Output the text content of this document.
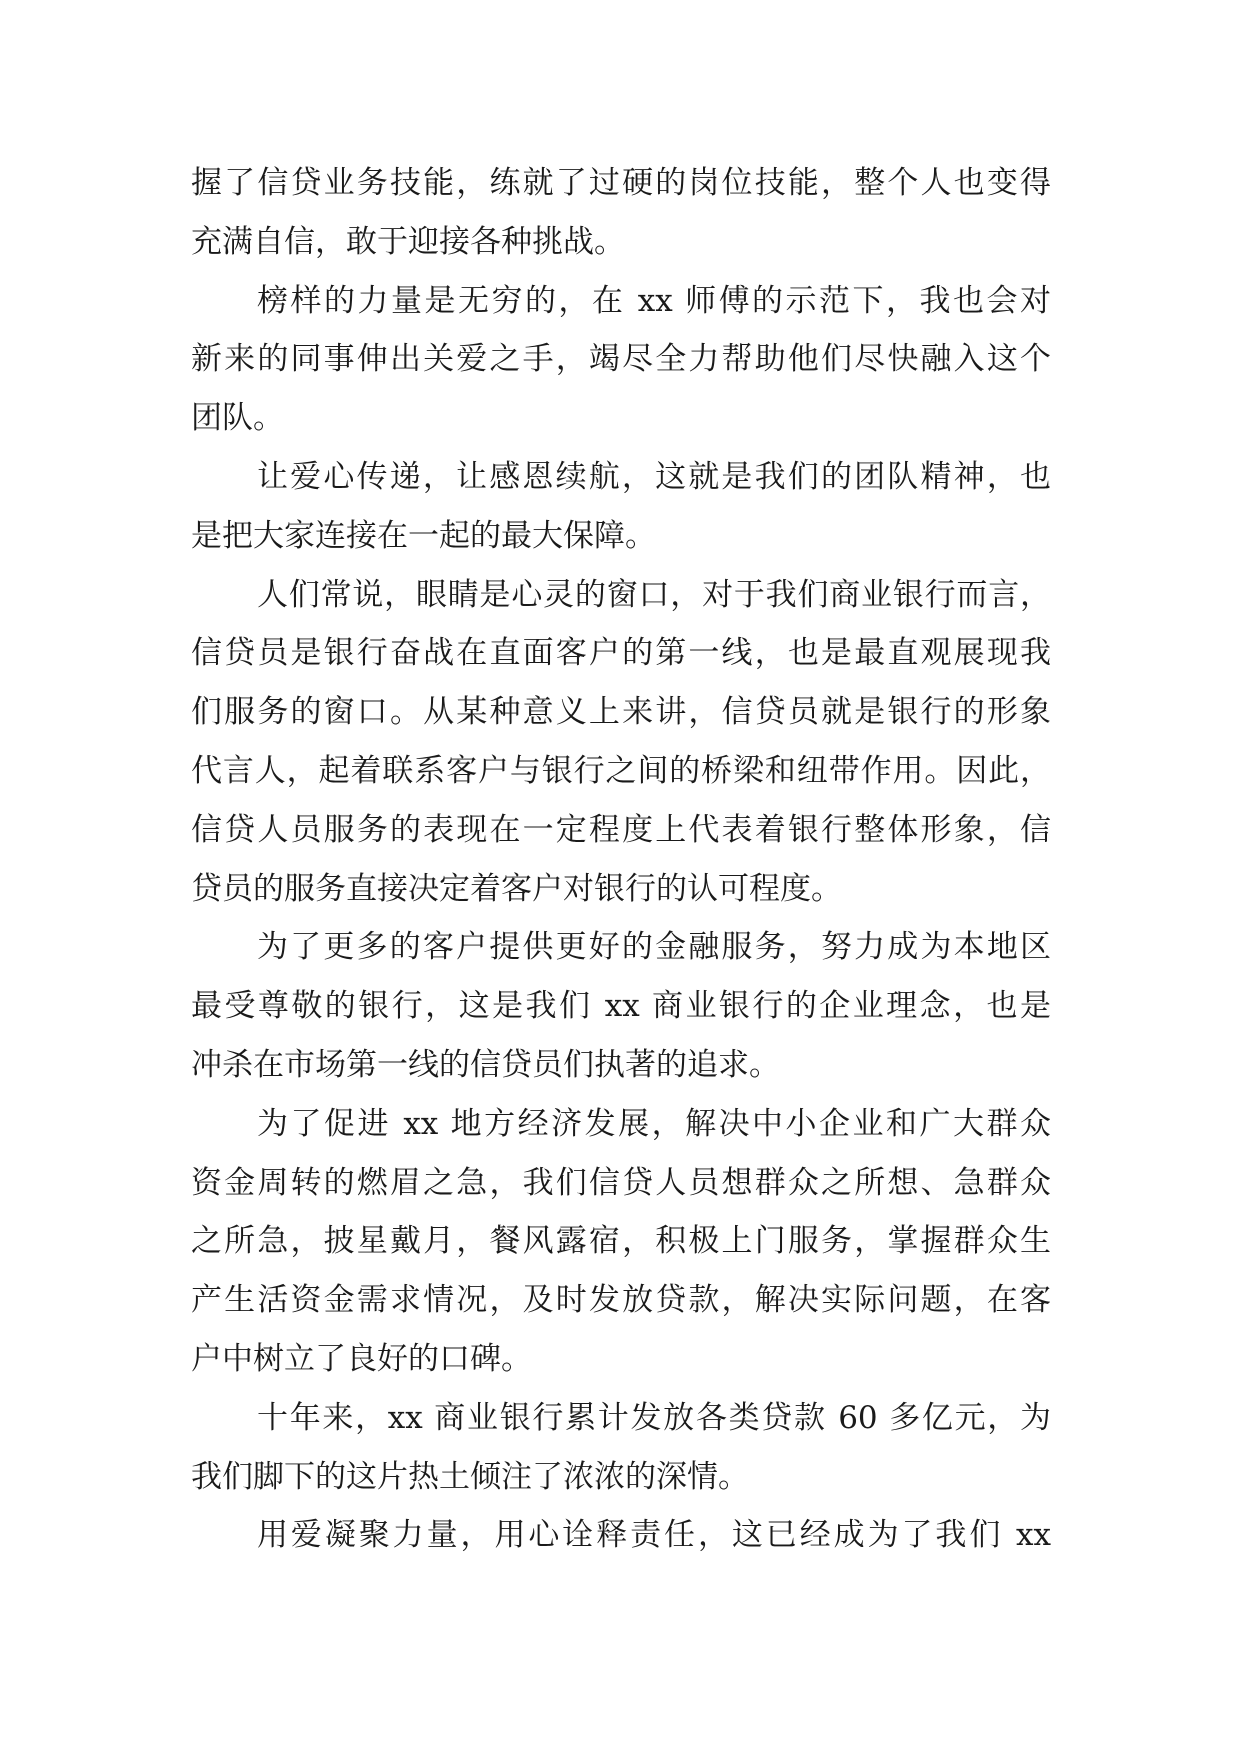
握了信贷业务技能，练就了过硬的岗位技能，整个人也变得
充满自信，敢于迎接各种挑战。
榜样的力量是无穷的，在 xx 师傅的示范下，我也会对
新来的同事伸出关爱之手，竭尽全力帮助他们尽快融入这个
团队。
让爱心传递，让感恩续航，这就是我们的团队精神，也
是把大家连接在一起的最大保障。
人们常说，眼睛是心灵的窗口，对于我们商业银行而言，
信贷员是银行奋战在直面客户的第一线，也是最直观展现我
们服务的窗口。从某种意义上来讲，信贷员就是银行的形象
代言人，起着联系客户与银行之间的桥梁和纽带作用。因此，
信贷人员服务的表现在一定程度上代表着银行整体形象，信
贷员的服务直接决定着客户对银行的认可程度。
为了更多的客户提供更好的金融服务，努力成为本地区
最受尊敬的银行，这是我们 xx 商业银行的企业理念，也是
冲杀在市场第一线的信贷员们执著的追求。
为了促进 xx 地方经济发展，解决中小企业和广大群众
资金周转的燃眉之急，我们信贷人员想群众之所想、急群众
之所急，披星戴月，餐风露宿，积极上门服务，掌握群众生
产生活资金需求情况，及时发放贷款，解决实际问题，在客
户中树立了良好的口碑。
十年来，xx 商业银行累计发放各类贷款 60 多亿元，为
我们脚下的这片热土倾注了浓浓的深情。
用爱凝聚力量，用心诠释责任，这已经成为了我们 xx
